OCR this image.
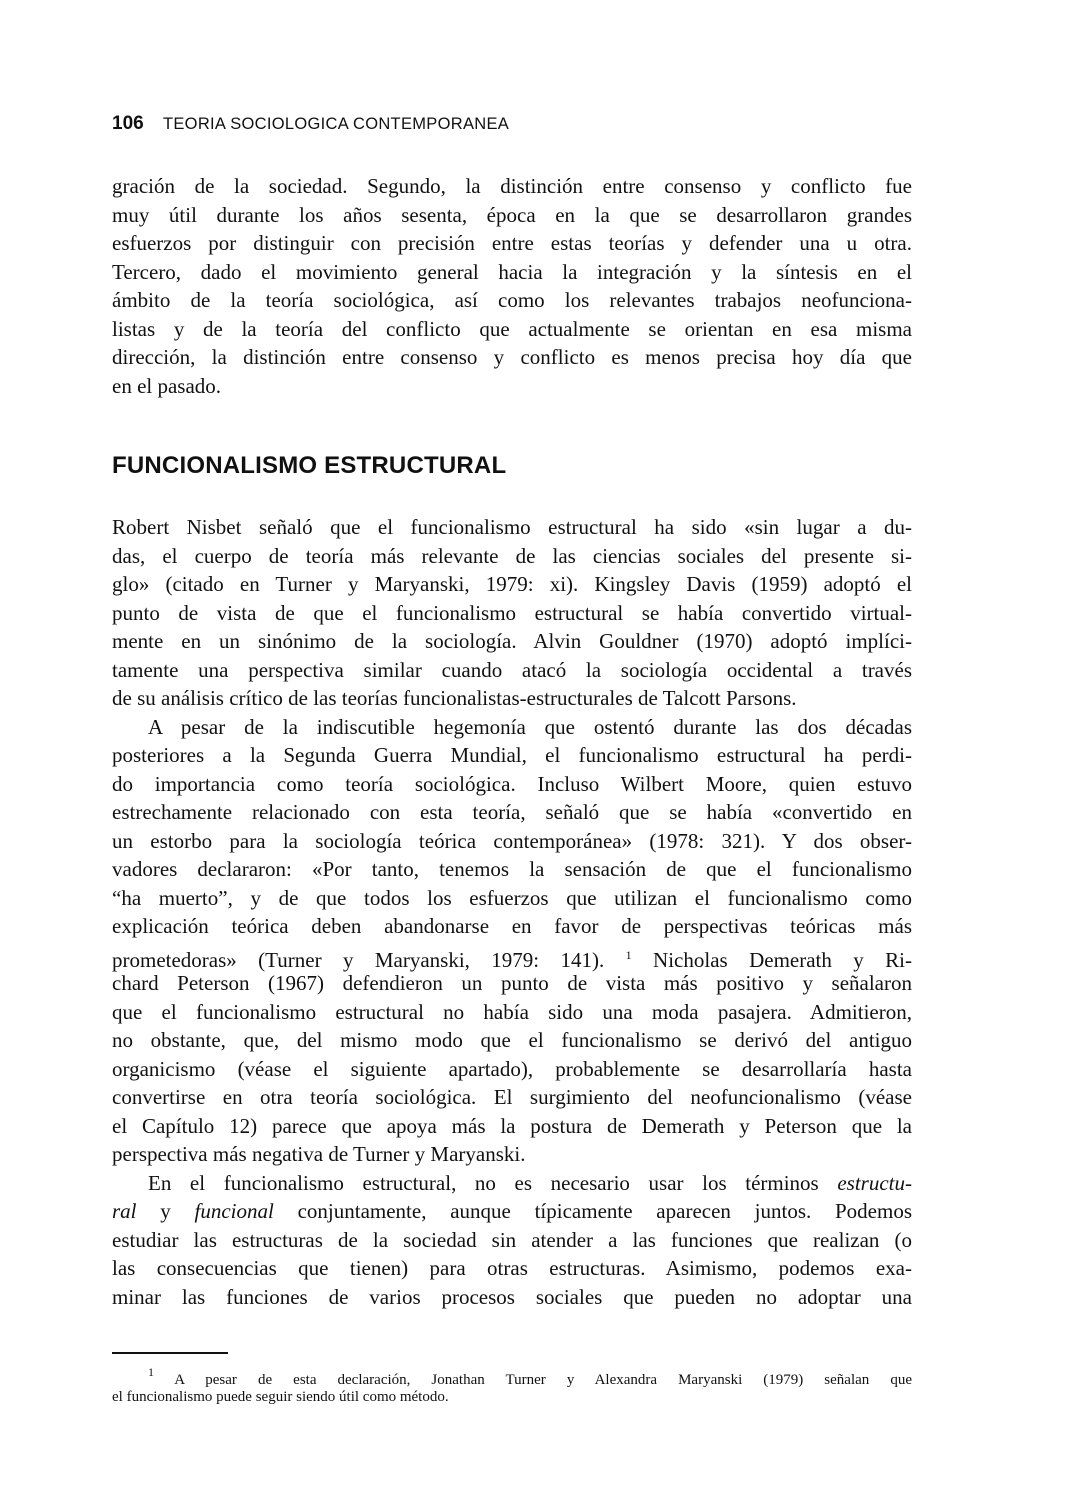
106 TEORIA SOCIOLOGICA CONTEMPORANEA
gración de la sociedad. Segundo, la distinción entre consenso y conflicto fue
muy útil durante los años sesenta, época en la que se desarrollaron grandes
esfuerzos por distinguir con precisión entre estas teorías y defender una u otra.
Tercero, dado el movimiento general hacia la integración y la síntesis en el
ámbito de la teoría sociológica, así como los relevantes trabajos neofunciona-
listas y de la teoría del conflicto que actualmente se orientan en esa misma
dirección, la distinción entre consenso y conflicto es menos precisa hoy día que
en el pasado.
FUNCIONALISMO ESTRUCTURAL
Robert Nisbet señaló que el funcionalismo estructural ha sido «sin lugar a du-
das, el cuerpo de teoría más relevante de las ciencias sociales del presente si-
glo» (citado en Turner y Maryanski, 1979: xi). Kingsley Davis (1959) adoptó el
punto de vista de que el funcionalismo estructural se había convertido virtual-
mente en un sinónimo de la sociología. Alvin Gouldner (1970) adoptó implíci-
tamente una perspectiva similar cuando atacó la sociología occidental a través
de su análisis crítico de las teorías funcionalistas-estructurales de Talcott Parsons.
A pesar de la indiscutible hegemonía que ostentó durante las dos décadas
posteriores a la Segunda Guerra Mundial, el funcionalismo estructural ha perdi-
do importancia como teoría sociológica. Incluso Wilbert Moore, quien estuvo
estrechamente relacionado con esta teoría, señaló que se había «convertido en
un estorbo para la sociología teórica contemporánea» (1978: 321). Y dos obser-
vadores declararon: «Por tanto, tenemos la sensación de que el funcionalismo
“ha muerto”, y de que todos los esfuerzos que utilizan el funcionalismo como
explicación teórica deben abandonarse en favor de perspectivas teóricas más
prometedoras» (Turner y Maryanski, 1979: 141). $^1$ Nicholas Demerath y Ri-
chard Peterson (1967) defendieron un punto de vista más positivo y señalaron
que el funcionalismo estructural no había sido una moda pasajera. Admitieron,
no obstante, que, del mismo modo que el funcionalismo se derivó del antiguo
organicismo (véase el siguiente apartado), probablemente se desarrollaría hasta
convertirse en otra teoría sociológica. El surgimiento del neofuncionalismo (véase
el Capítulo 12) parece que apoya más la postura de Demerath y Peterson que la
perspectiva más negativa de Turner y Maryanski.
En el funcionalismo estructural, no es necesario usar los términos estructu-
ral y funcional conjuntamente, aunque típicamente aparecen juntos. Podemos
estudiar las estructuras de la sociedad sin atender a las funciones que realizan (o
las consecuencias que tienen) para otras estructuras. Asimismo, podemos exa-
minar las funciones de varios procesos sociales que pueden no adoptar una
$^1$ A pesar de esta declaración, Jonathan Turner y Alexandra Maryanski (1979) señalan que
el funcionalismo puede seguir siendo útil como método.
